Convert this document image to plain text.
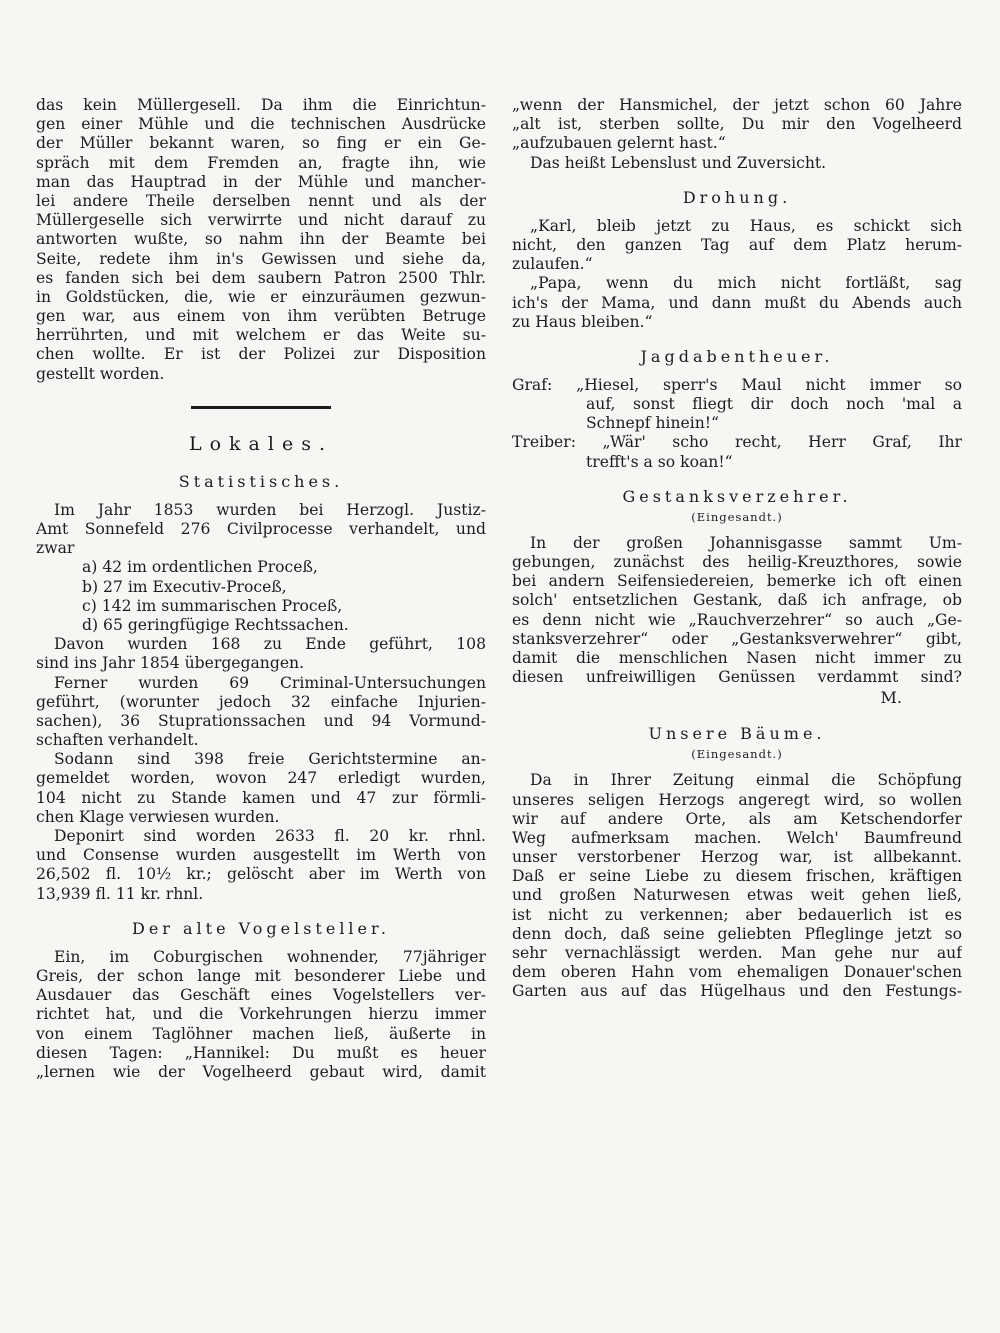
das kein Müllergesell. Da ihm die Einrichtun-
gen einer Mühle und die technischen Ausdrücke
der Müller bekannt waren, so fing er ein Ge-
spräch mit dem Fremden an, fragte ihn, wie
man das Hauptrad in der Mühle und mancher-
lei andere Theile derselben nennt und als der
Müllergeselle sich verwirrte und nicht darauf zu
antworten wußte, so nahm ihn der Beamte bei
Seite, redete ihm in's Gewissen und siehe da,
es fanden sich bei dem saubern Patron 2500 Thlr.
in Goldstücken, die, wie er einzuräumen gezwun-
gen war, aus einem von ihm verübten Betruge
herrührten, und mit welchem er das Weite su-
chen wollte. Er ist der Polizei zur Disposition
gestellt worden.
Lokales.
Statistisches.
Im Jahr 1853 wurden bei Herzogl. Justiz-
Amt Sonnefeld 276 Civilprocesse verhandelt, und
zwar
a) 42 im ordentlichen Proceß,
b) 27 im Executiv-Proceß,
c) 142 im summarischen Proceß,
d) 65 geringfügige Rechtssachen.
Davon wurden 168 zu Ende geführt, 108
sind ins Jahr 1854 übergegangen.
Ferner wurden 69 Criminal-Untersuchungen
geführt, (worunter jedoch 32 einfache Injurien-
sachen), 36 Stuprationssachen und 94 Vormund-
schaften verhandelt.
Sodann sind 398 freie Gerichtstermine an-
gemeldet worden, wovon 247 erledigt wurden,
104 nicht zu Stande kamen und 47 zur förmli-
chen Klage verwiesen wurden.
Deponirt sind worden 2633 fl. 20 kr. rhnl.
und Consense wurden ausgestellt im Werth von
26,502 fl. 10½ kr.; gelöscht aber im Werth von
13,939 fl. 11 kr. rhnl.
Der alte Vogelsteller.
Ein, im Coburgischen wohnender, 77jähriger
Greis, der schon lange mit besonderer Liebe und
Ausdauer das Geschäft eines Vogelstellers ver-
richtet hat, und die Vorkehrungen hierzu immer
von einem Taglöhner machen ließ, äußerte in
diesen Tagen: „Hannikel: Du mußt es heuer
„lernen wie der Vogelheerd gebaut wird, damit
„wenn der Hansmichel, der jetzt schon 60 Jahre
„alt ist, sterben sollte, Du mir den Vogelheerd
„aufzubauen gelernt hast.“
Das heißt Lebenslust und Zuversicht.
Drohung.
„Karl, bleib jetzt zu Haus, es schickt sich
nicht, den ganzen Tag auf dem Platz herum-
zulaufen.“
„Papa, wenn du mich nicht fortläßt, sag
ich's der Mama, und dann mußt du Abends auch
zu Haus bleiben.“
Jagdabentheuer.
Graf: „Hiesel, sperr's Maul nicht immer so
auf, sonst fliegt dir doch noch 'mal a
Schnepf hinein!“
Treiber: „Wär' scho recht, Herr Graf, Ihr
trefft's a so koan!“
Gestanksverzehrer.
(Eingesandt.)
In der großen Johannisgasse sammt Um-
gebungen, zunächst des heilig-Kreuzthores, sowie
bei andern Seifensiedereien, bemerke ich oft einen
solch' entsetzlichen Gestank, daß ich anfrage, ob
es denn nicht wie „Rauchverzehrer“ so auch „Ge-
stanksverzehrer“ oder „Gestanksverwehrer“ gibt,
damit die menschlichen Nasen nicht immer zu
diesen unfreiwilligen Genüssen verdammt sind?
M.
Unsere Bäume.
(Eingesandt.)
Da in Ihrer Zeitung einmal die Schöpfung
unseres seligen Herzogs angeregt wird, so wollen
wir auf andere Orte, als am Ketschendorfer
Weg aufmerksam machen. Welch' Baumfreund
unser verstorbener Herzog war, ist allbekannt.
Daß er seine Liebe zu diesem frischen, kräftigen
und großen Naturwesen etwas weit gehen ließ,
ist nicht zu verkennen; aber bedauerlich ist es
denn doch, daß seine geliebten Pfleglinge jetzt so
sehr vernachlässigt werden. Man gehe nur auf
dem oberen Hahn vom ehemaligen Donauer'schen
Garten aus auf das Hügelhaus und den Festungs-
